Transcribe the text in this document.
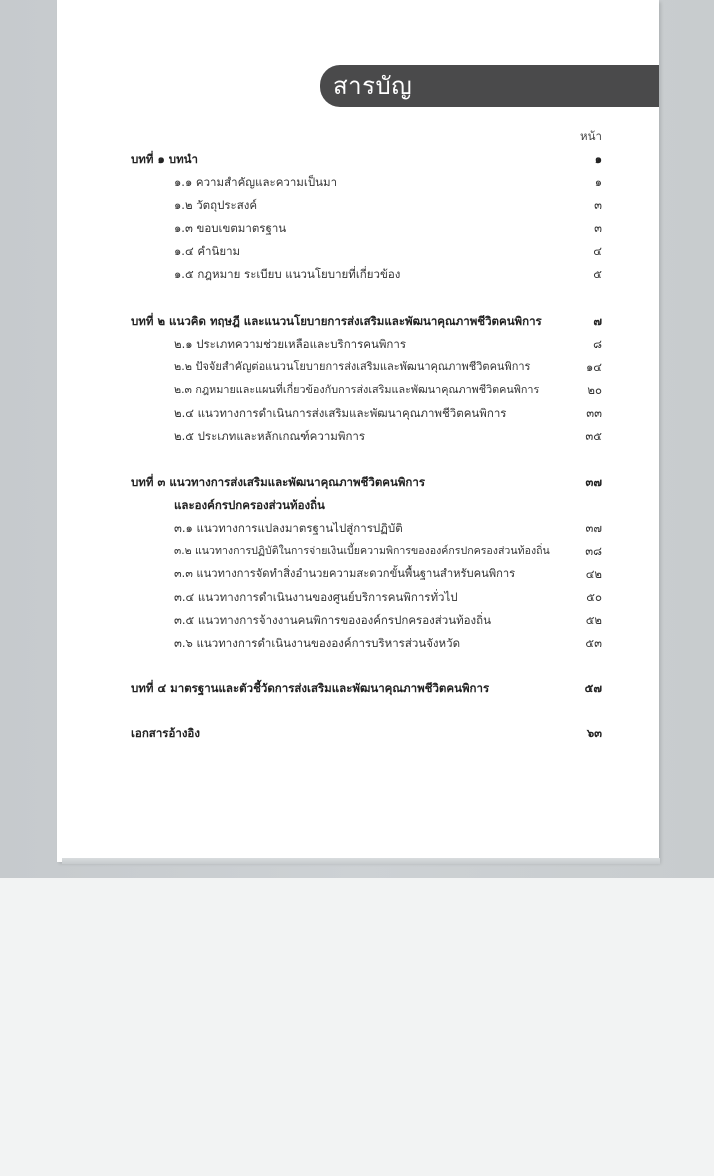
สารบัญ
หน้า
บทที่ ๑ บทนำ	๑
๑.๑ ความสำคัญและความเป็นมา	๑
๑.๒ วัตถุประสงค์	๓
๑.๓ ขอบเขตมาตรฐาน	๓
๑.๔ คำนิยาม	๔
๑.๕ กฎหมาย ระเบียบ แนวนโยบายที่เกี่ยวข้อง	๕
บทที่ ๒ แนวคิด ทฤษฎี และแนวนโยบายการส่งเสริมและพัฒนาคุณภาพชีวิตคนพิการ	๗
๒.๑ ประเภทความช่วยเหลือและบริการคนพิการ	๘
๒.๒ ปัจจัยสำคัญต่อแนวนโยบายการส่งเสริมและพัฒนาคุณภาพชีวิตคนพิการ	๑๔
๒.๓ กฎหมายและแผนที่เกี่ยวข้องกับการส่งเสริมและพัฒนาคุณภาพชีวิตคนพิการ	๒๐
๒.๔ แนวทางการดำเนินการส่งเสริมและพัฒนาคุณภาพชีวิตคนพิการ	๓๓
๒.๕ ประเภทและหลักเกณฑ์ความพิการ	๓๕
บทที่ ๓ แนวทางการส่งเสริมและพัฒนาคุณภาพชีวิตคนพิการ	๓๗
และองค์กรปกครองส่วนท้องถิ่น
๓.๑ แนวทางการแปลงมาตรฐานไปสู่การปฏิบัติ	๓๗
๓.๒ แนวทางการปฏิบัติในการจ่ายเงินเบี้ยความพิการขององค์กรปกครองส่วนท้องถิ่น	๓๘
๓.๓ แนวทางการจัดทำสิ่งอำนวยความสะดวกขั้นพื้นฐานสำหรับคนพิการ	๔๒
๓.๔ แนวทางการดำเนินงานของศูนย์บริการคนพิการทั่วไป	๕๐
๓.๕ แนวทางการจ้างงานคนพิการขององค์กรปกครองส่วนท้องถิ่น	๕๒
๓.๖ แนวทางการดำเนินงานขององค์การบริหารส่วนจังหวัด	๕๓
บทที่ ๔ มาตรฐานและตัวชี้วัดการส่งเสริมและพัฒนาคุณภาพชีวิตคนพิการ	๕๗
เอกสารอ้างอิง	๖๓
